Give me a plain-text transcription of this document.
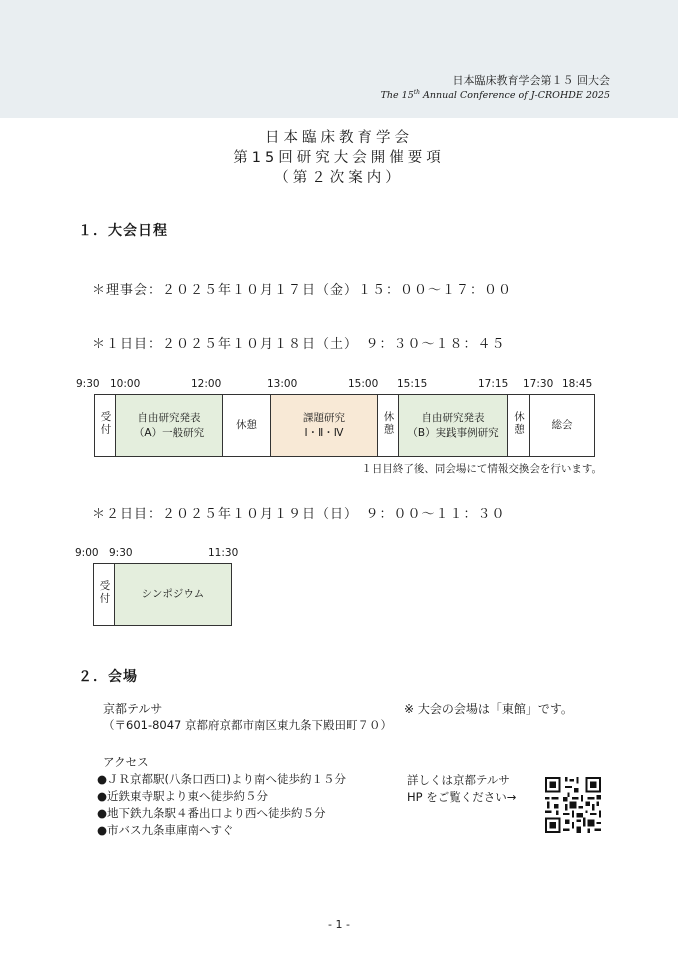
日本臨床教育学会第１５ 回大会
The 15th Annual Conference of J-CROHDE 2025
日本臨床教育学会
第15回研究大会開催要項
（第２次案内）
１．大会日程
＊理事会：２０２５年１０月１７日（金）１５：００～１７：００
＊１日目：２０２５年１０月１８日（土）　９：３０～１８：４５
9:30 10:00	12:00	13:00	15:00 15:15	17:15 17:30 18:45
受付	自由研究発表
（A）一般研究
	休憩	
課題研究
Ⅰ・Ⅱ・Ⅳ	休憩	自由研究発表
（B）実践事例研究	休憩	総会
１日目終了後、同会場にて情報交換会を行います。
＊２日目：２０２５年１０月１９日（日）　９：００～１１：３０
9:00 9:30	11:30
受付	シンポジウム
２．会場
京都テルサ	※ 大会の会場は「東館」です。
（〒601-8047 京都府京都市南区東九条下殿田町７０）
アクセス
●ＪＲ京都駅(八条口西口)より南へ徒歩約１５分
●近鉄東寺駅より東へ徒歩約５分
●地下鉄九条駅４番出口より西へ徒歩約５分
●市バス九条車庫南へすぐ
詳しくは京都テルサ
HP をご覧ください→
- 1 -
